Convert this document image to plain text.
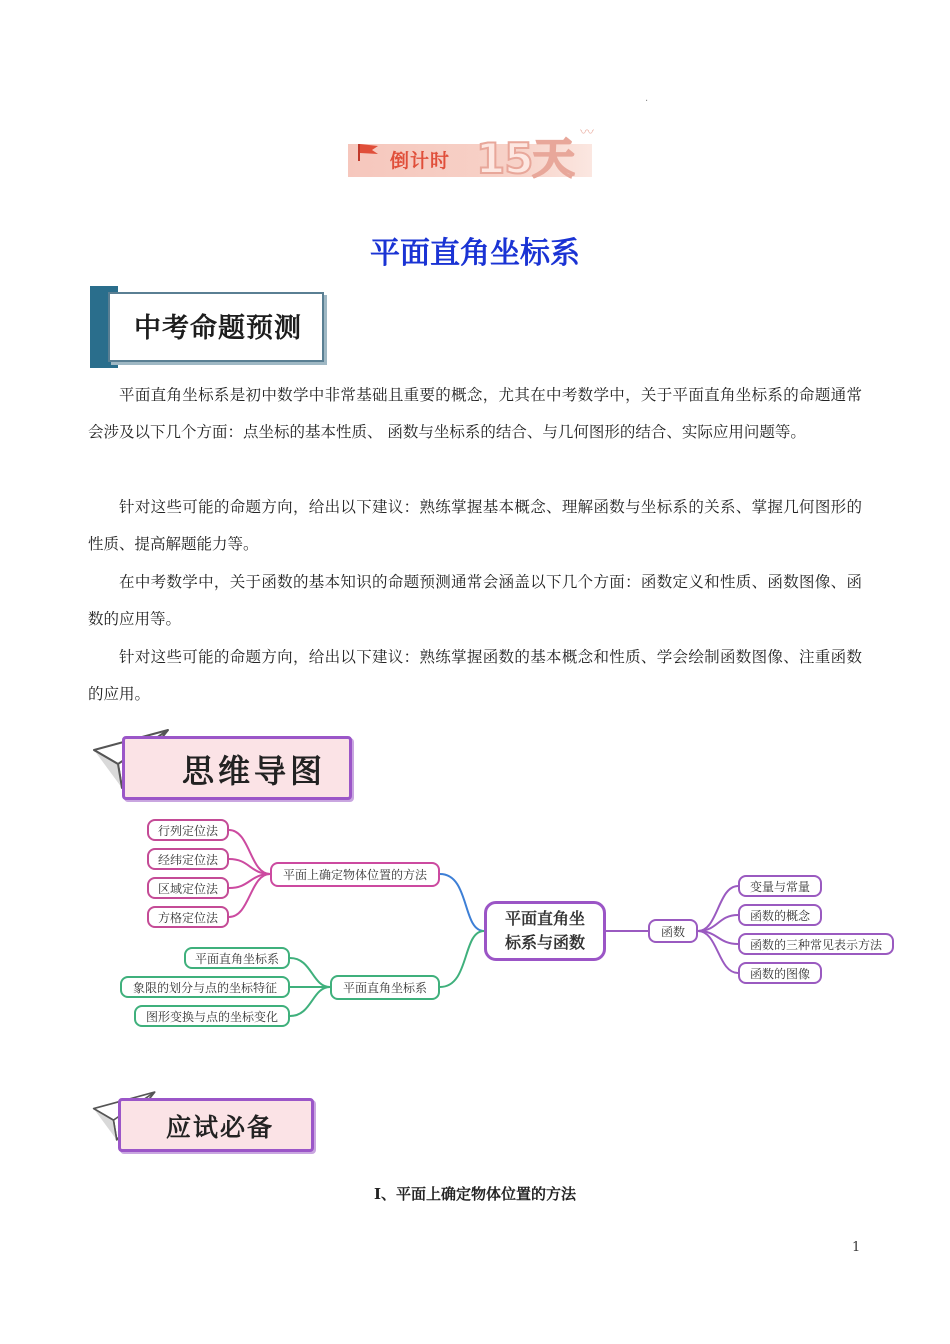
倒计时 15天
〰
·
平面直角坐标系
中考命题预测

平面直角坐标系是初中数学中非常基础且重要的概念，尤其在中考数学中，关于平面直角坐标系的命题通常会涉及以下几个方面：点坐标的基本性质、 函数与坐标系的结合、与几何图形的结合、实际应用问题等。

针对这些可能的命题方向，给出以下建议：熟练掌握基本概念、理解函数与坐标系的关系、掌握几何图形的性质、提高解题能力等。

在中考数学中，关于函数的基本知识的命题预测通常会涵盖以下几个方面：函数定义和性质、函数图像、函数的应用等。

针对这些可能的命题方向，给出以下建议：熟练掌握函数的基本概念和性质、学会绘制函数图像、注重函数的应用。

思维导图
行列定位法
经纬定位法
区域定位法
方格定位法
平面上确定物体位置的方法
平面直角坐标系
象限的划分与点的坐标特征
图形变换与点的坐标变化
平面直角坐标系
平面直角坐标系与函数
函数
变量与常量
函数的概念
函数的三种常见表示方法
函数的图像
应试必备
Ⅰ、平面上确定物体位置的方法
1
